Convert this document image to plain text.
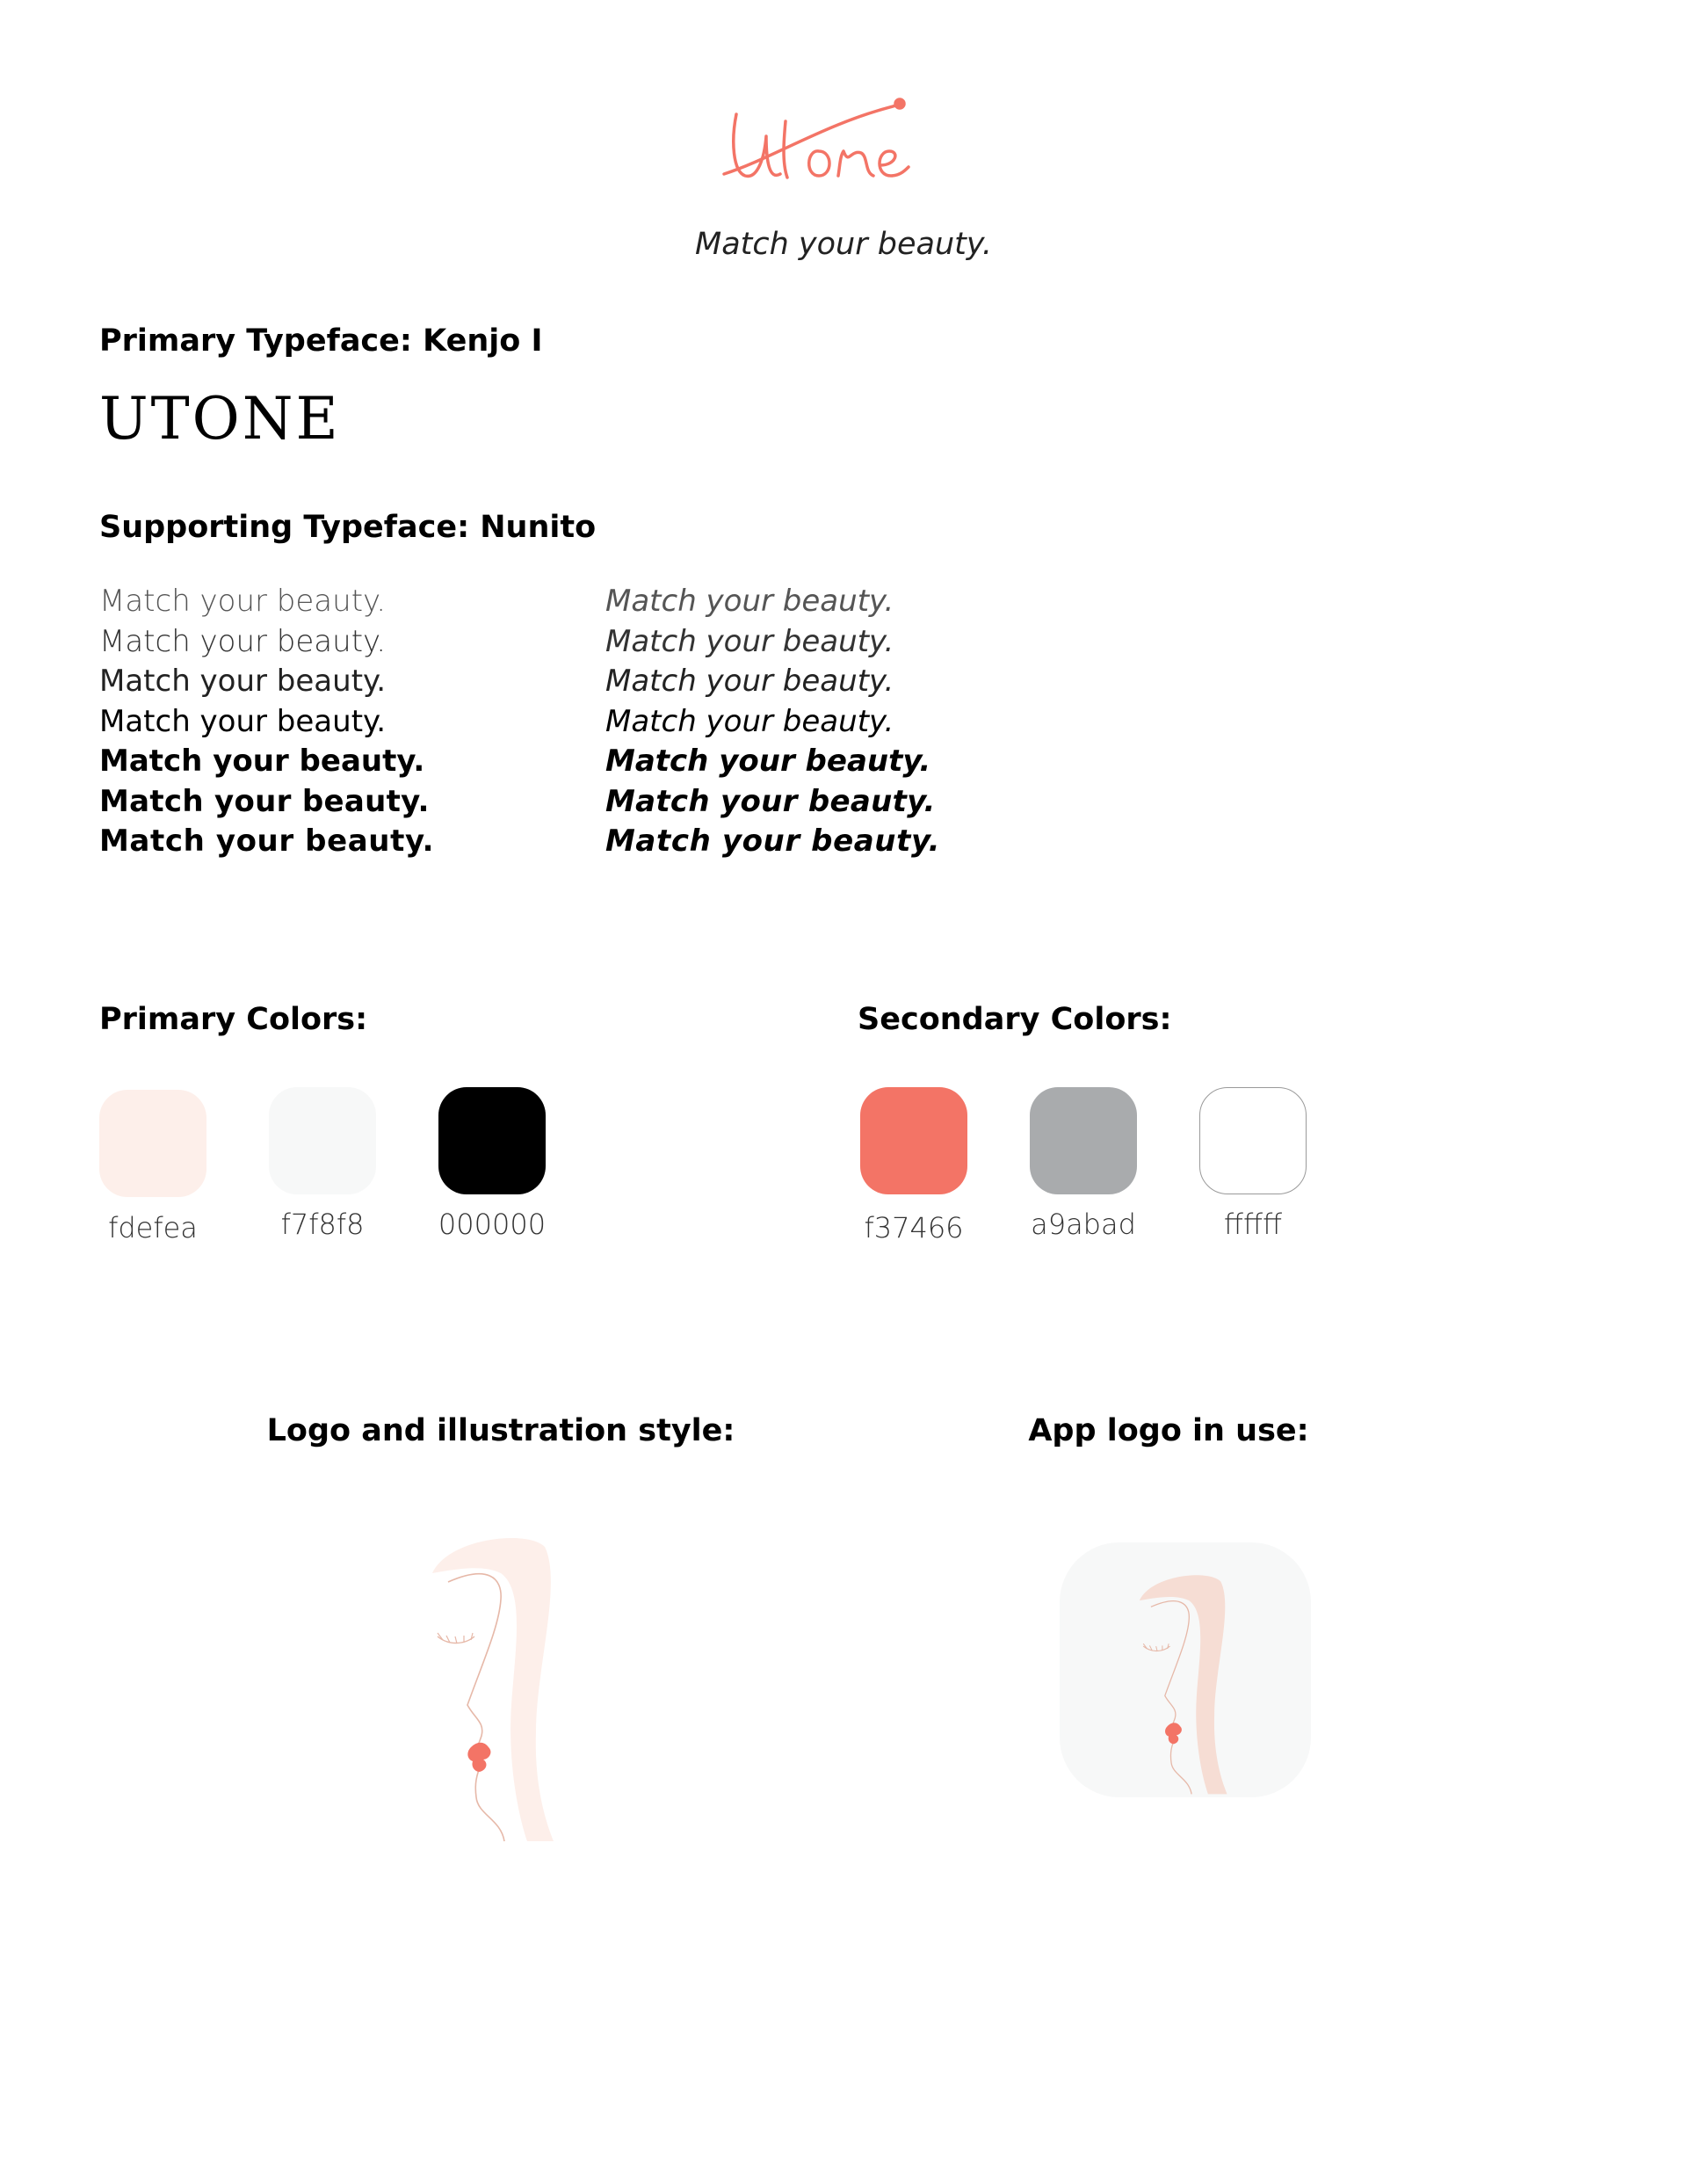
Match your beauty.
Primary Typeface: Kenjo I
UTONE
Supporting Typeface: Nunito
Match your beauty.
Match your beauty.
Match your beauty.
Match your beauty.
Match your beauty.
Match your beauty.
Match your beauty.
Match your beauty.
Match your beauty.
Match your beauty.
Match your beauty.
Match your beauty.
Match your beauty.
Match your beauty.
Primary Colors:	Secondary Colors:
fdefea	f7f8f8	000000	f37466	a9abad	ffffff
Logo and illustration style:	App logo in use:
